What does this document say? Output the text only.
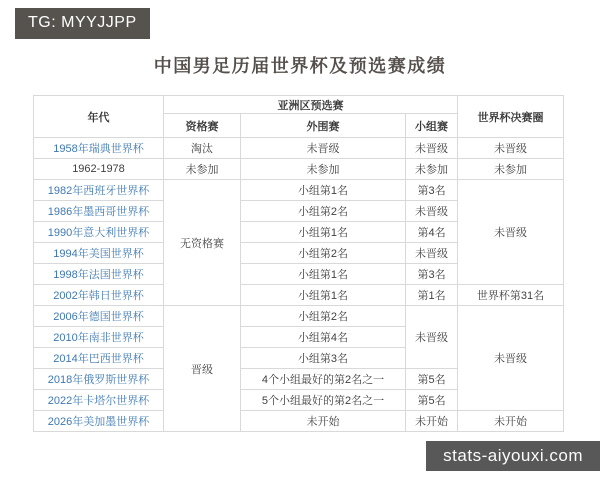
TG: MYYJJPP
中国男足历届世界杯及预选赛成绩
年代	亚洲区预选赛			世界杯决赛圈
	资格赛	外围赛	小组赛	
1958年瑞典世界杯	淘汰	未晋级	未晋级	未晋级
1962-1978	未参加	未参加	未参加	未参加
1982年西班牙世界杯	无资格赛	小组第1名	第3名	未晋级
1986年墨西哥世界杯		小组第2名	未晋级	
1990年意大利世界杯		小组第1名	第4名	
1994年美国世界杯		小组第2名	未晋级	
1998年法国世界杯		小组第1名	第3名	
2002年韩日世界杯		小组第1名	第1名	世界杯第31名
2006年德国世界杯	晋级	小组第2名	未晋级	未晋级
2010年南非世界杯		小组第4名		
2014年巴西世界杯		小组第3名		
2018年俄罗斯世界杯		4个小组最好的第2名之一	第5名	
2022年卡塔尔世界杯		5个小组最好的第2名之一	第5名	
2026年美加墨世界杯		未开始	未开始	未开始
stats-aiyouxi.com
